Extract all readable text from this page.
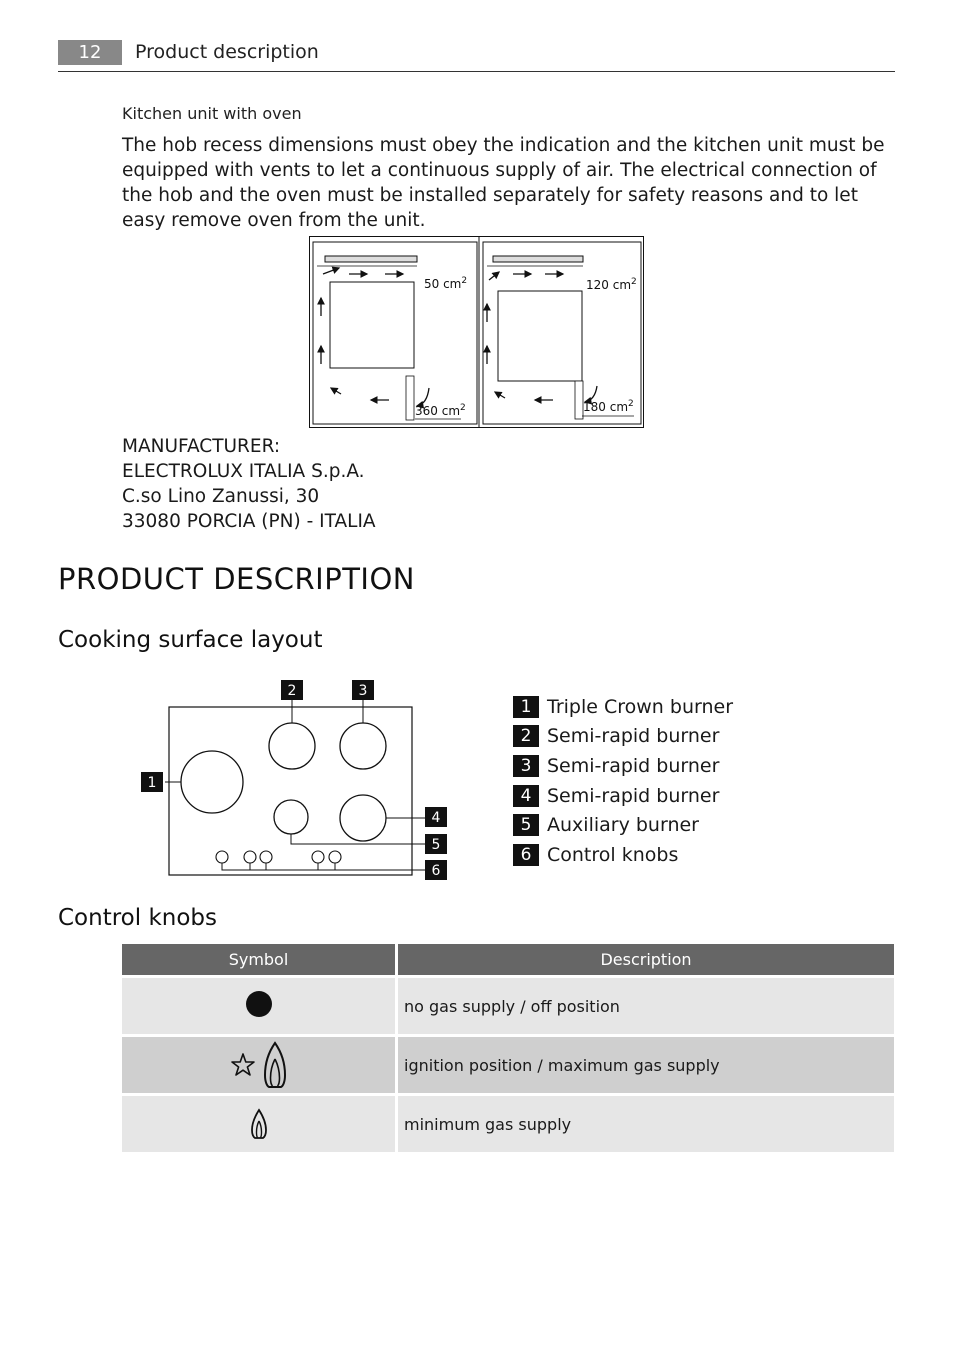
12	Product description
Kitchen unit with oven
The hob recess dimensions must obey the indication and the kitchen unit must be equipped with vents to let a continuous supply of air. The electrical connection of the hob and the oven must be installed separately for safety reasons and to let easy remove oven from the unit.
50 $cm^2$
360 $cm^2$
120 $cm^2$
180 $cm^2$
MANUFACTURER:
ELECTROLUX ITALIA S.p.A.
C.so Lino Zanussi, 30
33080 PORCIA (PN) - ITALIA
PRODUCT DESCRIPTION
Cooking surface layout
2	3
1
4
5
6
1 Triple Crown burner
2 Semi-rapid burner
3 Semi-rapid burner
4 Semi-rapid burner
5 Auxiliary burner
6 Control knobs
Control knobs
Symbol	Description
	no gas supply / off position
	ignition position / maximum gas supply
	minimum gas supply
